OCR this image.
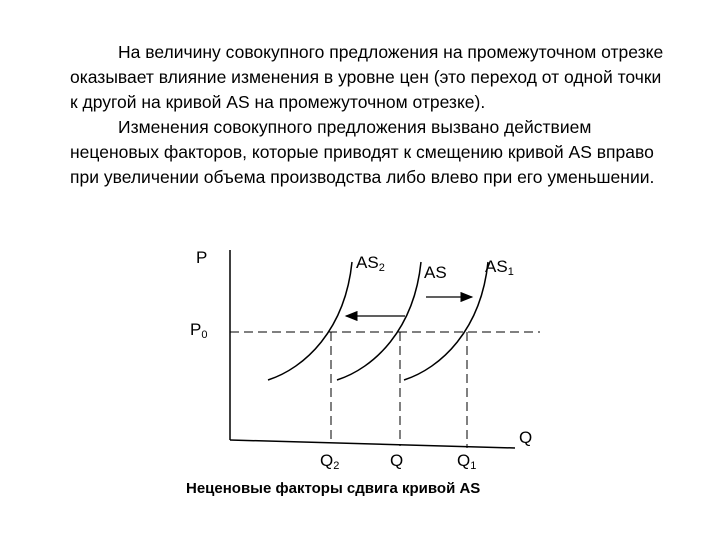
На величину совокупного предложения на промежуточном отрезке оказывает влияние изменения в уровне цен (это переход от одной точки к другой на кривой AS на промежуточном отрезке).

Изменения совокупного предложения вызвано действием неценовых факторов, которые приводят к смещению кривой AS вправо при увеличении объема производства либо влево при его уменьшении.

P
Q
$P_0$
$AS_2$ AS $AS_1$
$Q_2$	Q	$Q_1$
Неценовые факторы сдвига кривой AS
